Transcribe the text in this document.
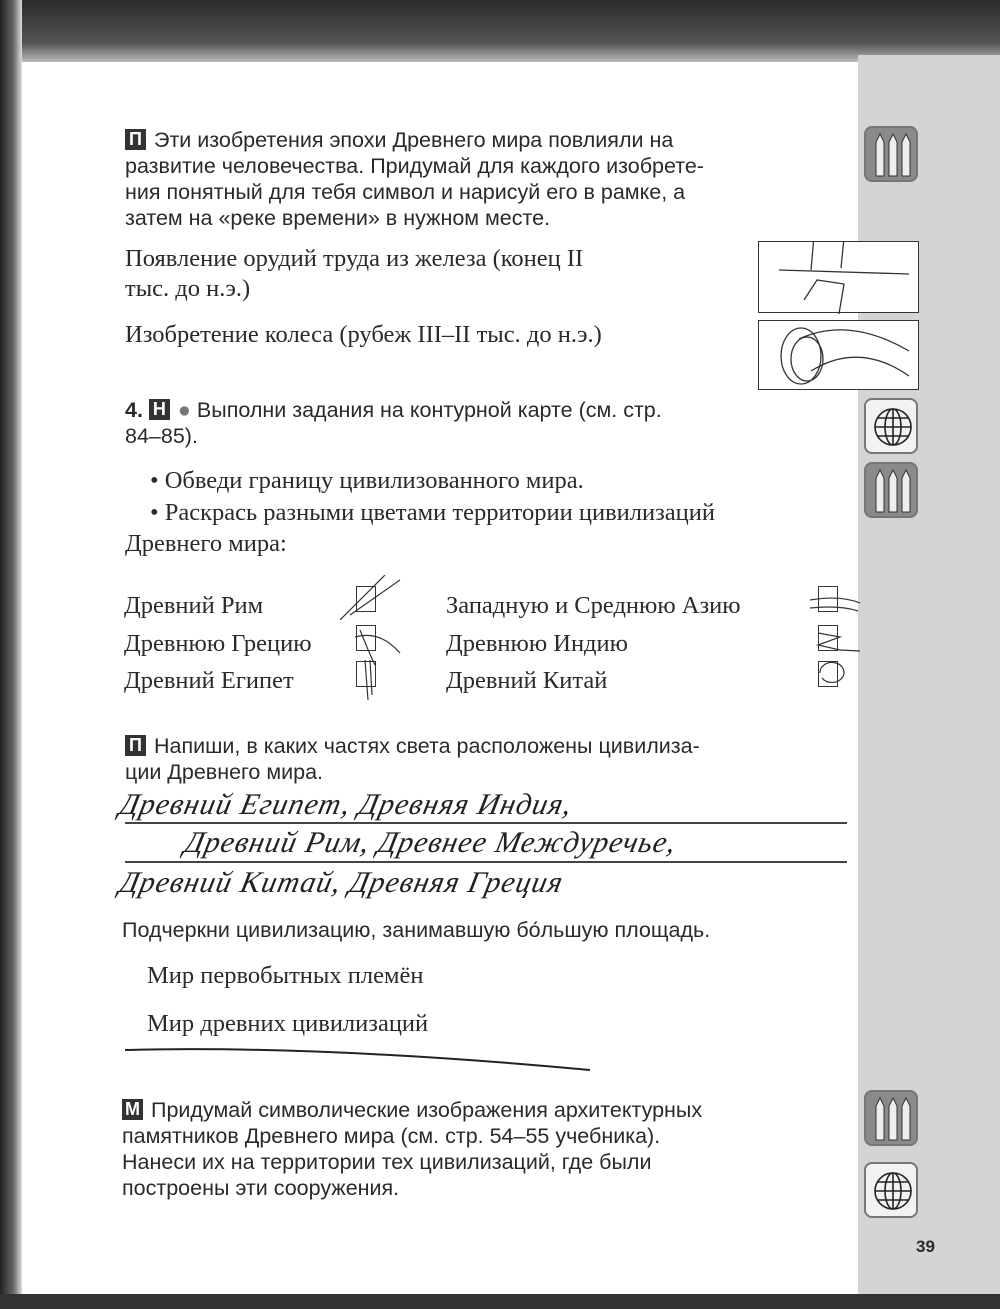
П Эти изобретения эпохи Древнего мира повлияли на
развитие человечества. Придумай для каждого изобрете-
ния понятный для тебя символ и нарисуй его в рамке, а
затем на «реке времени» в нужном месте.
Появление орудий труда из железа (конец II
тыс. до н.э.)
Изобретение колеса (рубеж III–II тыс. до н.э.)
4. Н ● Выполни задания на контурной карте (см. стр.
84–85).
• Обведи границу цивилизованного мира.
• Раскрась разными цветами территории цивилизаций
Древнего мира:
Древний Рим
Древнюю Грецию
Древний Египет
Западную и Среднюю Азию
Древнюю Индию
Древний Китай
П Напиши, в каких частях света расположены цивилиза-
ции Древнего мира.
Древний Египет, Древняя Индия,
Древний Рим, Древнее Междуречье,
Древний Китай, Древняя Греция
Подчеркни цивилизацию, занимавшую бо́льшую площадь.
Мир первобытных племён
Мир древних цивилизаций
М Придумай символические изображения архитектурных
памятников Древнего мира (см. стр. 54–55 учебника).
Нанеси их на территории тех цивилизаций, где были
построены эти сооружения.
39
